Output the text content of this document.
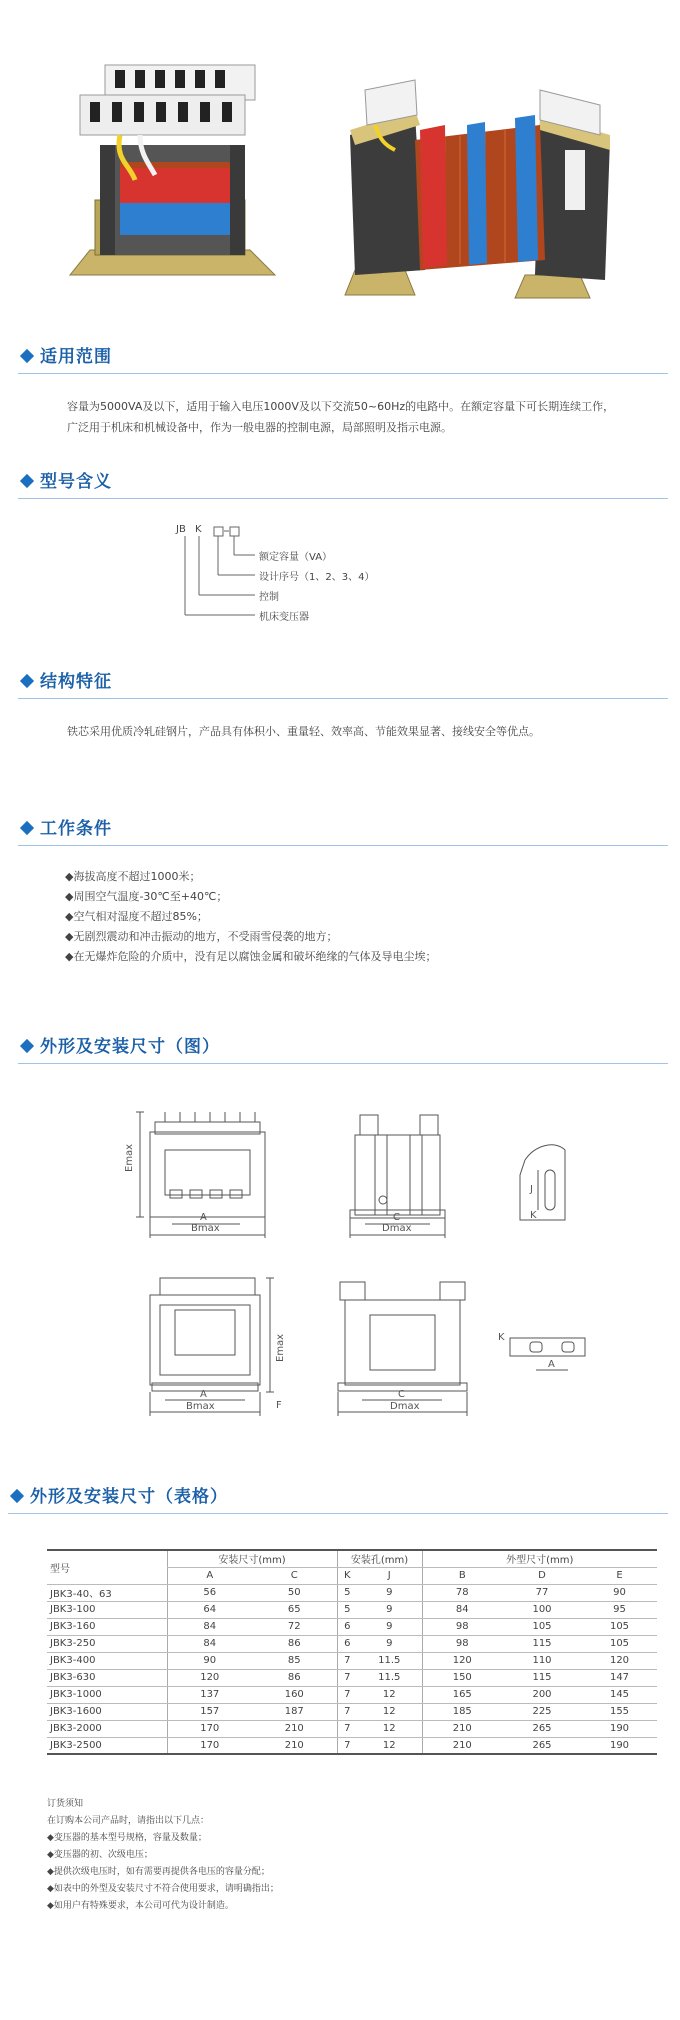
适用范围
容量为5000VA及以下，适用于输入电压1000V及以下交流50~60Hz的电路中。在额定容量下可长期连续工作，
广泛用于机床和机械设备中，作为一般电器的控制电源，局部照明及指示电源。
型号含义
JB K
额定容量（VA）
设计序号（1、2、3、4）
控制
机床变压器
结构特征
铁芯采用优质冷轧硅钢片，产品具有体积小、重量轻、效率高、节能效果显著、接线安全等优点。
工作条件
◆海拔高度不超过1000米；
◆周围空气温度-30℃至+40℃；
◆空气相对湿度不超过85%；
◆无剧烈震动和冲击振动的地方，不受雨雪侵袭的地方；
◆在无爆炸危险的介质中，没有足以腐蚀金属和破坏绝缘的气体及导电尘埃；
外形及安装尺寸（图）
Emax
A
Bmax
C
Dmax
J
K
Emax
A
Bmax	F
C
Dmax
K
A
外形及安装尺寸（表格）
型号	安装尺寸(mm)		安装孔(mm)		外型尺寸(mm)		
	A	C	K	J	B	D	E
JBK3-40、63	56	50	5	9	78	77	90
JBK3-100	64	65	5	9	84	100	95
JBK3-160	84	72	6	9	98	105	105
JBK3-250	84	86	6	9	98	115	105
JBK3-400	90	85	7	11.5	120	110	120
JBK3-630	120	86	7	11.5	150	115	147
JBK3-1000	137	160	7	12	165	200	145
JBK3-1600	157	187	7	12	185	225	155
JBK3-2000	170	210	7	12	210	265	190
JBK3-2500	170	210	7	12	210	265	190
订货须知
在订购本公司产品时，请指出以下几点：
◆变压器的基本型号规格，容量及数量；
◆变压器的初、次级电压；
◆提供次级电压时，如有需要再提供各电压的容量分配；
◆如表中的外型及安装尺寸不符合使用要求，请明确指出；
◆如用户有特殊要求，本公司可代为设计制造。
